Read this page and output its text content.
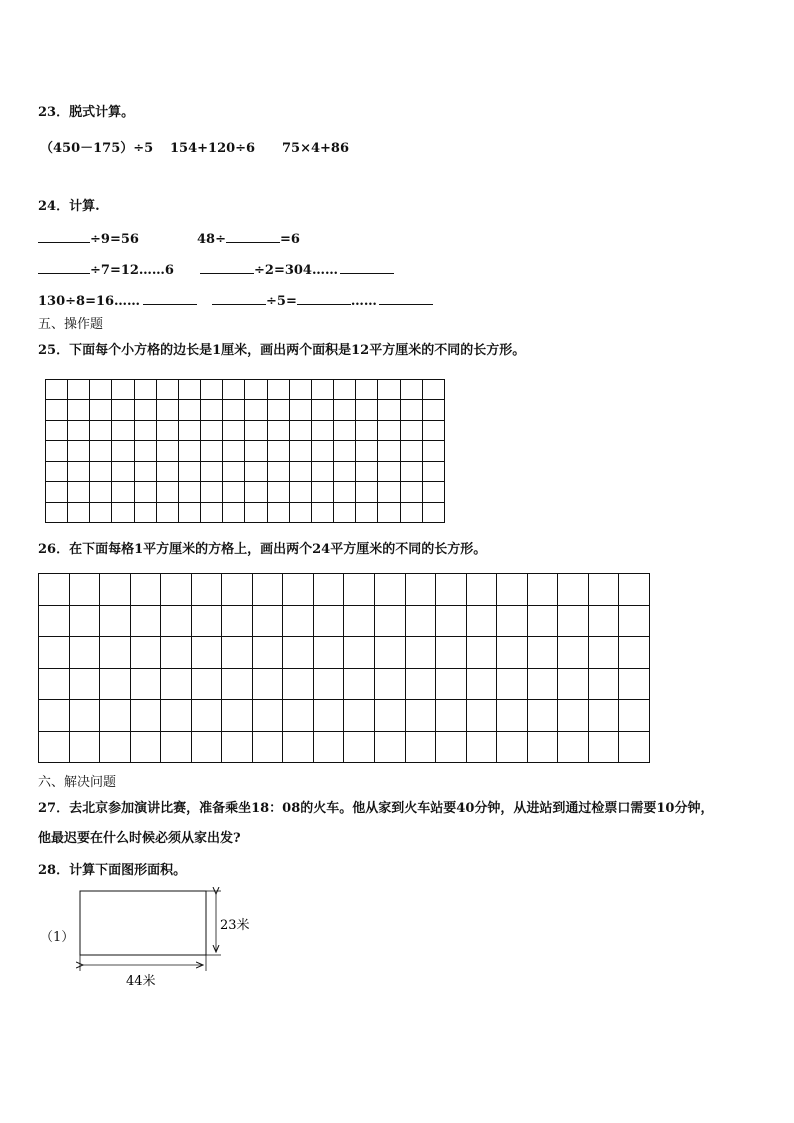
23．脱式计算。
（450－175）÷5 154+120÷6 75×4+86
24．计算.
÷9=56	48÷	=6
÷7=12……6	÷2=304……
130÷8=16……	÷5=	……
五、操作题
25．下面每个小方格的边长是1厘米，画出两个面积是12平方厘米的不同的长方形。

26．在下面每格1平方厘米的方格上，画出两个24平方厘米的不同的长方形。

六、解决问题
27．去北京参加演讲比赛，准备乘坐18：08的火车。他从家到火车站要40分钟，从进站到通过检票口需要10分钟，
他最迟要在什么时候必须从家出发?
28．计算下面图形面积。
（1）
23米
44米
